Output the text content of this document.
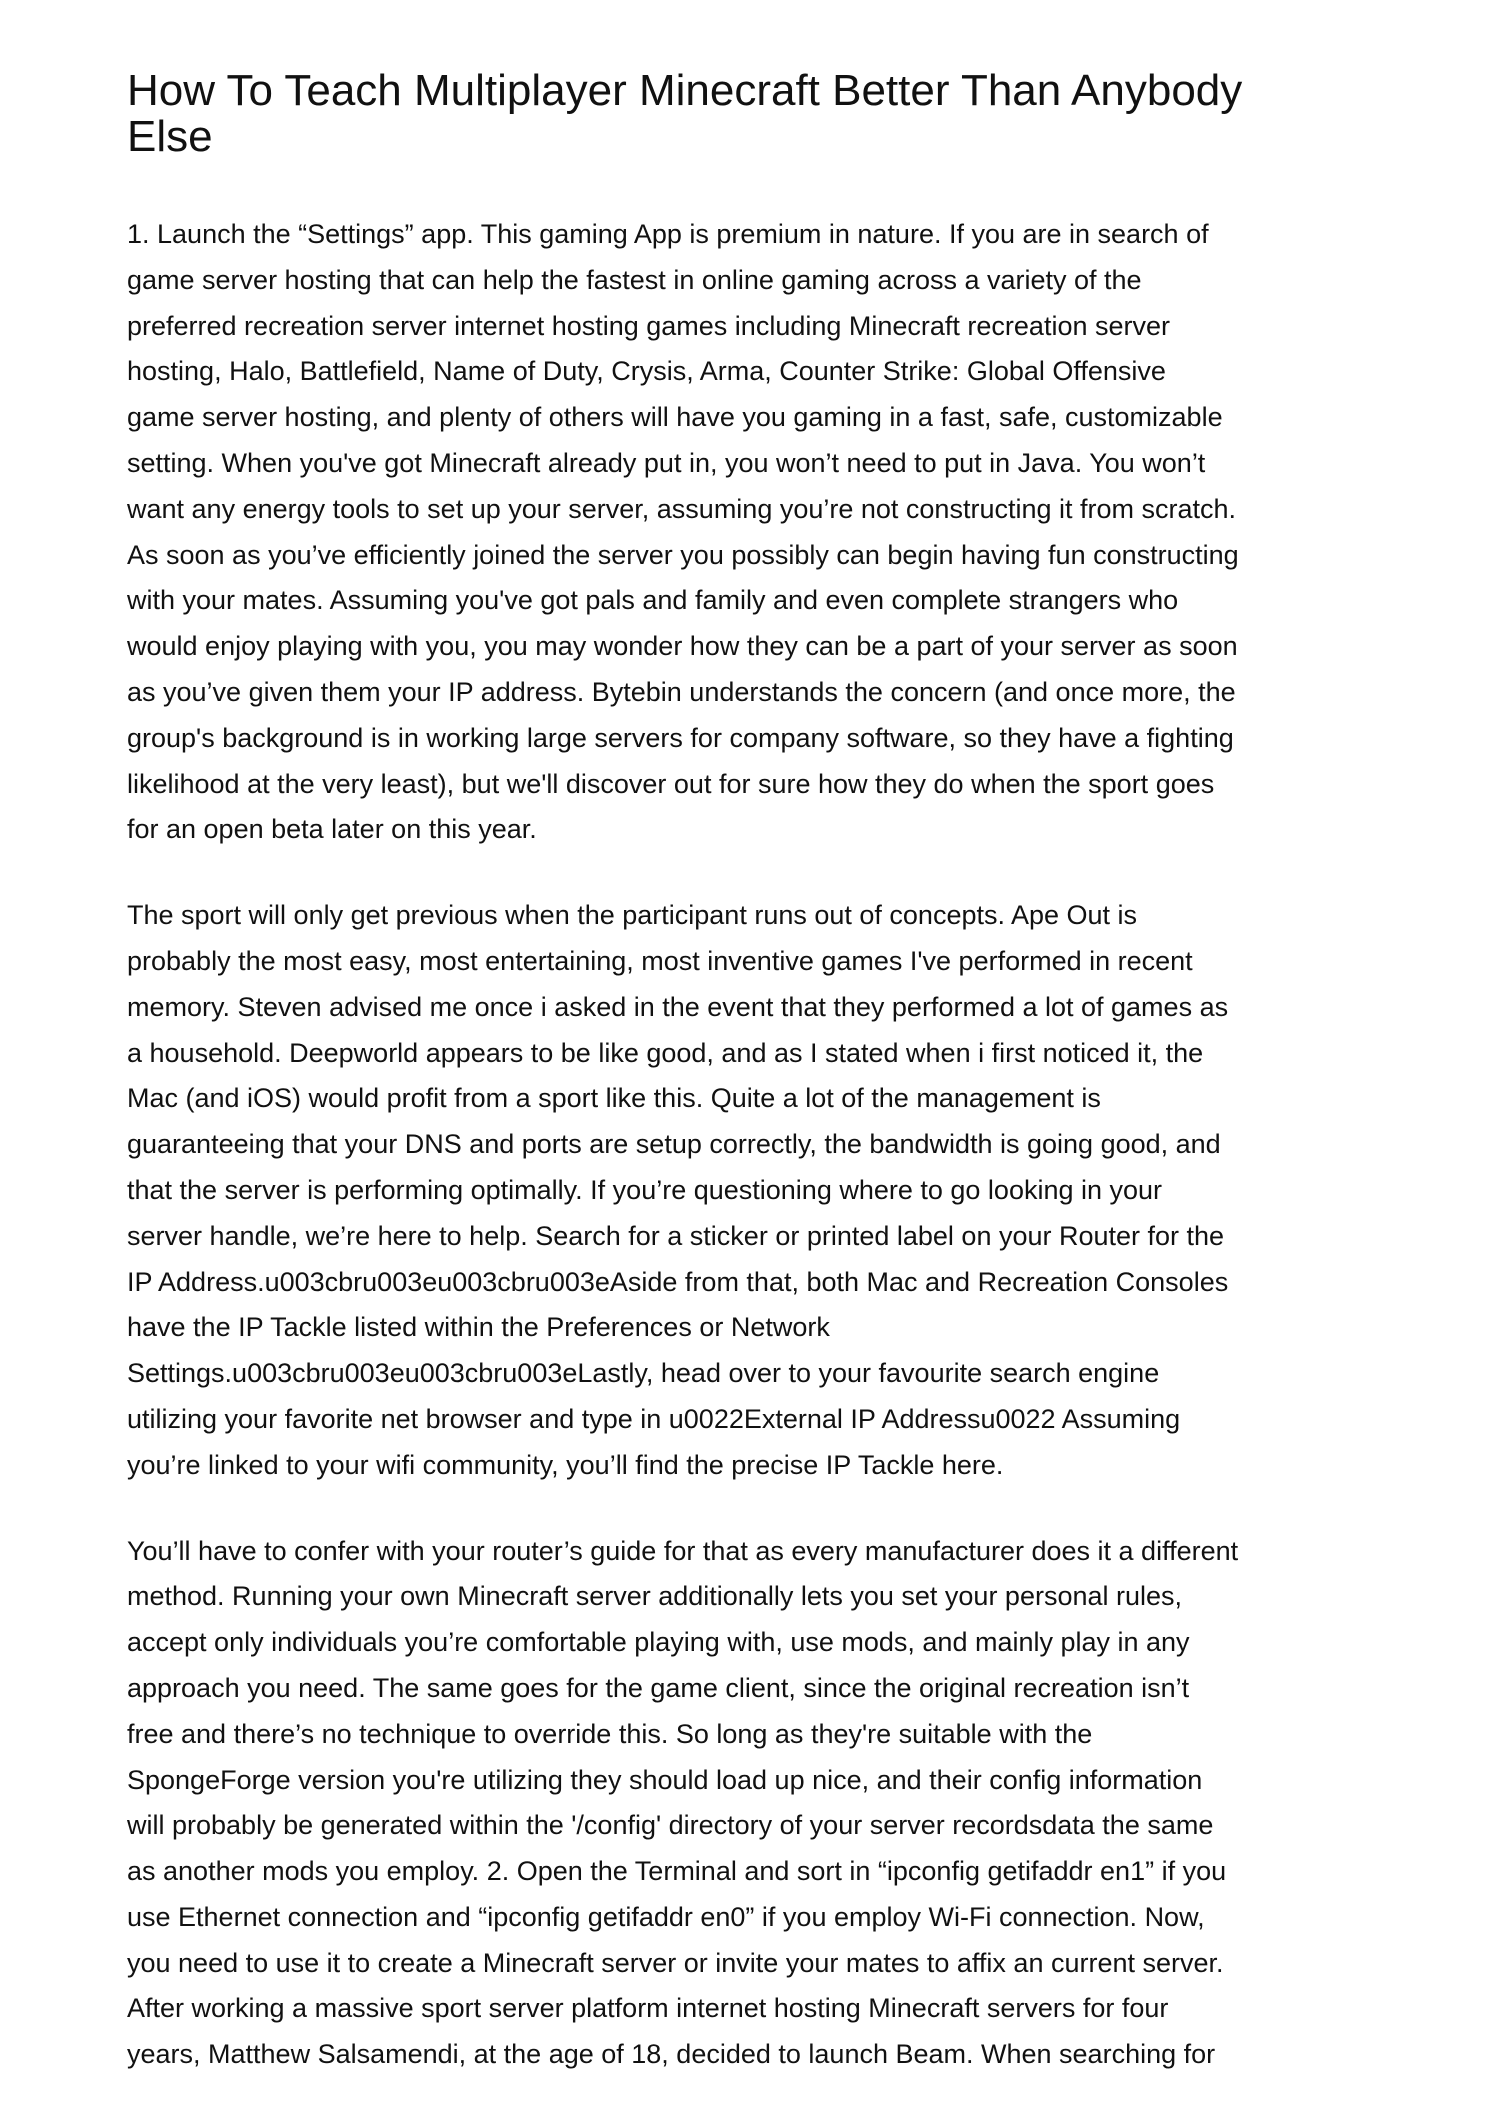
How To Teach Multiplayer Minecraft Better Than Anybody
Else

1. Launch the “Settings” app. This gaming App is premium in nature. If you are in search of
game server hosting that can help the fastest in online gaming across a variety of the
preferred recreation server internet hosting games including Minecraft recreation server
hosting, Halo, Battlefield, Name of Duty, Crysis, Arma, Counter Strike: Global Offensive
game server hosting, and plenty of others will have you gaming in a fast, safe, customizable
setting. When you've got Minecraft already put in, you won’t need to put in Java. You won’t
want any energy tools to set up your server, assuming you’re not constructing it from scratch.
As soon as you’ve efficiently joined the server you possibly can begin having fun constructing
with your mates. Assuming you've got pals and family and even complete strangers who
would enjoy playing with you, you may wonder how they can be a part of your server as soon
as you’ve given them your IP address. Bytebin understands the concern (and once more, the
group's background is in working large servers for company software, so they have a fighting
likelihood at the very least), but we'll discover out for sure how they do when the sport goes
for an open beta later on this year.

The sport will only get previous when the participant runs out of concepts. Ape Out is
probably the most easy, most entertaining, most inventive games I've performed in recent
memory. Steven advised me once i asked in the event that they performed a lot of games as
a household. Deepworld appears to be like good, and as I stated when i first noticed it, the
Mac (and iOS) would profit from a sport like this. Quite a lot of the management is
guaranteeing that your DNS and ports are setup correctly, the bandwidth is going good, and
that the server is performing optimally. If you’re questioning where to go looking in your
server handle, we’re here to help. Search for a sticker or printed label on your Router for the
IP Address.u003cbru003eu003cbru003eAside from that, both Mac and Recreation Consoles
have the IP Tackle listed within the Preferences or Network
Settings.u003cbru003eu003cbru003eLastly, head over to your favourite search engine
utilizing your favorite net browser and type in u0022External IP Addressu0022 Assuming
you’re linked to your wifi community, you’ll find the precise IP Tackle here.

You’ll have to confer with your router’s guide for that as every manufacturer does it a different
method. Running your own Minecraft server additionally lets you set your personal rules,
accept only individuals you’re comfortable playing with, use mods, and mainly play in any
approach you need. The same goes for the game client, since the original recreation isn’t
free and there’s no technique to override this. So long as they're suitable with the
SpongeForge version you're utilizing they should load up nice, and their config information
will probably be generated within the '/config' directory of your server recordsdata the same
as another mods you employ. 2. Open the Terminal and sort in “ipconfig getifaddr en1” if you
use Ethernet connection and “ipconfig getifaddr en0” if you employ Wi-Fi connection. Now,
you need to use it to create a Minecraft server or invite your mates to affix an current server.
After working a massive sport server platform internet hosting Minecraft servers for four
years, Matthew Salsamendi, at the age of 18, decided to launch Beam. When searching for
